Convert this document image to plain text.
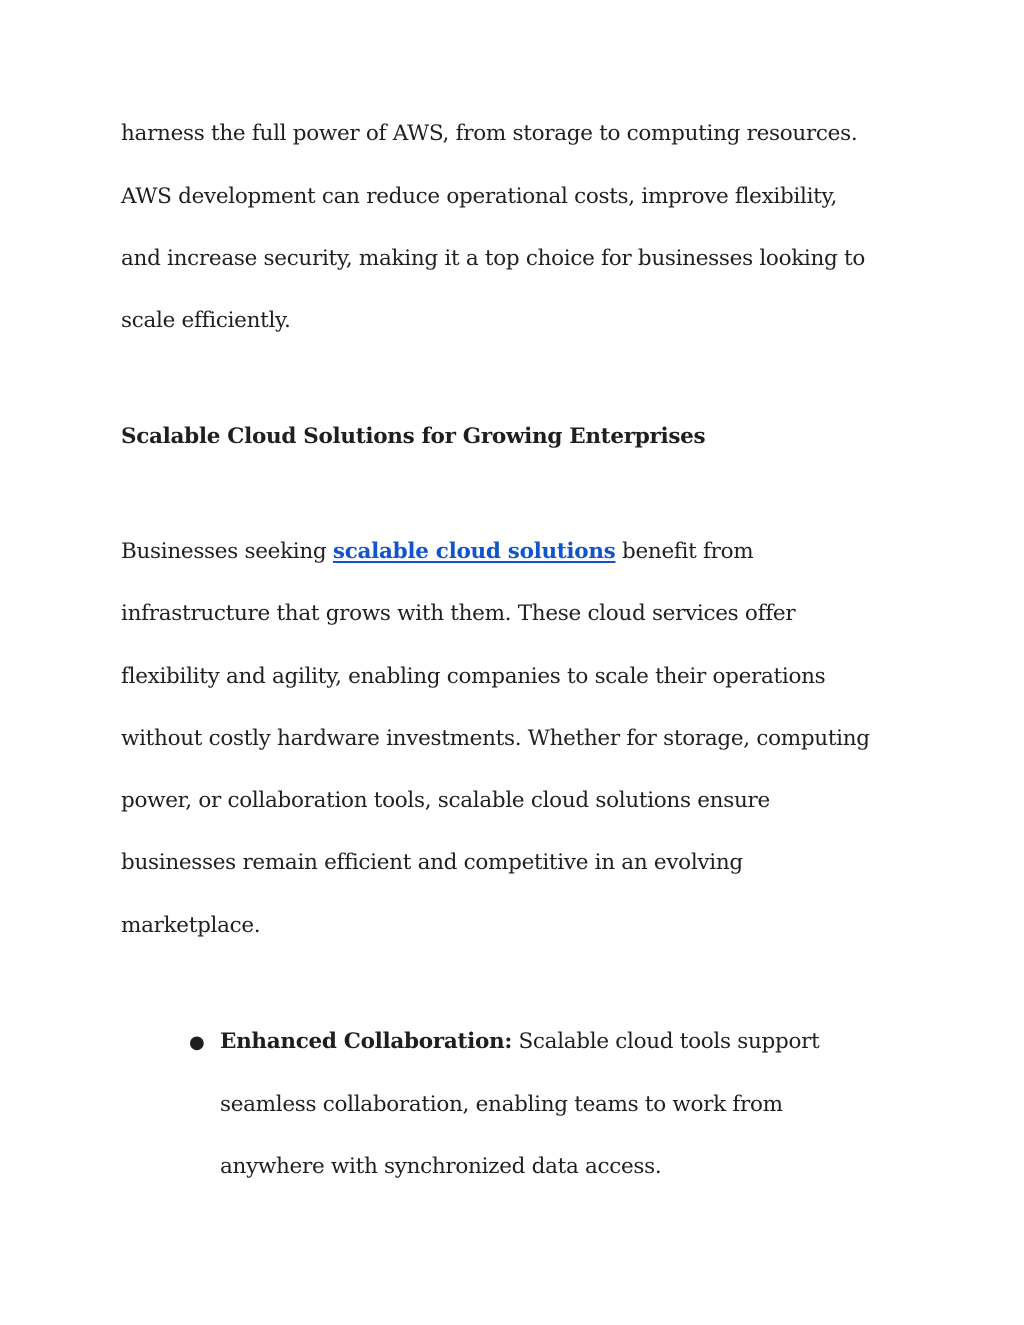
harness the full power of AWS, from storage to computing resources.
AWS development can reduce operational costs, improve flexibility,
and increase security, making it a top choice for businesses looking to
scale efficiently.
Scalable Cloud Solutions for Growing Enterprises
Businesses seeking scalable cloud solutions benefit from
infrastructure that grows with them. These cloud services offer
flexibility and agility, enabling companies to scale their operations
without costly hardware investments. Whether for storage, computing
power, or collaboration tools, scalable cloud solutions ensure
businesses remain efficient and competitive in an evolving
marketplace.
● Enhanced Collaboration: Scalable cloud tools support
seamless collaboration, enabling teams to work from
anywhere with synchronized data access.
